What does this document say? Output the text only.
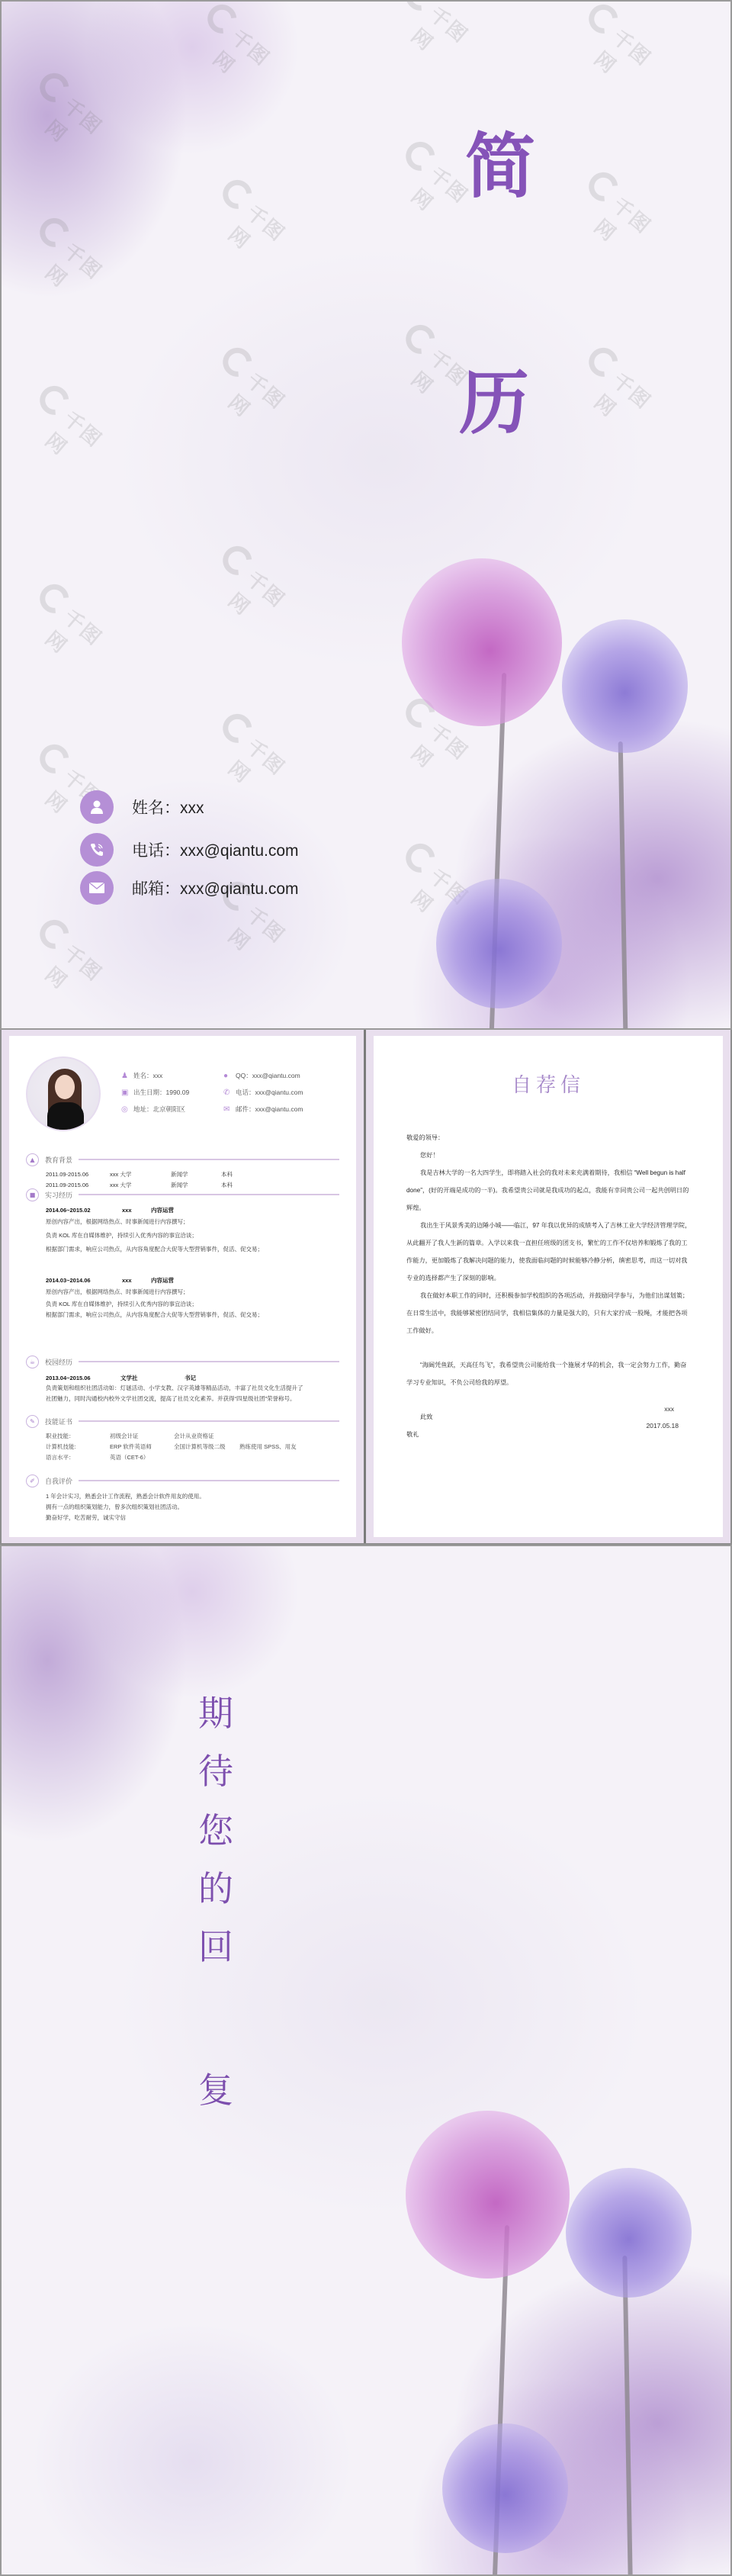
千图网
千图网	千图网
千图网
千图网
千图网	千图网
千图网
千图网
千图网	千图网
千图网
千图网
千图网
千图网
千图网
千图网
千图网
千图网
千图网
简
历
姓名：xxx
电话：xxx@qiantu.com
邮箱：xxx@qiantu.com
♟ 姓名：xxx	●	QQ：xxx@qiantu.com
▣ 出生日期：1990.09	✆ 电话：xxx@qiantu.com
◎ 地址：北京朝阳区	✉ 邮件：xxx@qiantu.com
▲	教育背景
2011.09-2015.06	xxx 大学	新闻学	本科
2011.09-2015.06	xxx 大学	新闻学	本科
■	实习经历
2014.06~2015.02	xxx	内容运营
原创内容产出，根据网络热点、时事新闻进行内容撰写；
负责 KOL 库在自媒体维护，持续引入优秀内容的事宜洽谈；
根据部门需求，响应公司热点，从内容角度配合大促等大型营销事件，促活、促交易；
2014.03~2014.06	xxx	内容运营
原创内容产出，根据网络热点、时事新闻进行内容撰写；
负责 KOL 库在自媒体维护，持续引入优秀内容的事宜洽谈；
根据部门需求，响应公司热点，从内容角度配合大促等大型营销事件，促活、促交易；
☕	校园经历
2013.04~2015.06	文学社	书记
负责策划和组织社团活动如：灯谜活动、小学支教、汉字英雄等精品活动，丰富了社员文化生活提升了
社团魅力，同时沟通校内校外文学社团交流，提高了社员文化素养。并获得“四星级社团”荣誉称号。
✎	技能证书
职业技能：	初级会计证	会计从业资格证
计算机技能:	ERP 软件英语师	全国计算机等级二级	熟练使用 SPSS、用友
语言水平：	英语（CET-6）
✐	自我评价
1 年会计实习，熟悉会计工作流程，熟悉会计软件用友的使用。
拥有一点的组织策划能力，曾多次组织策划社团活动。
勤奋好学，吃苦耐劳，诚实守信
自荐信

敬爱的领导：

您好！

我是吉林大学的一名大四学生，即将踏入社会的我对未来充满着期待，我相信 “Well begun is half done”，(好的开端是成功的一半)。我希望贵公司就是我成功的起点，我能有幸同贵公司一起共创明日的辉煌。

我出生于风景秀美的边陲小城——临江，97 年我以优异的成绩考入了吉林工业大学经济管理学院，从此翻开了我人生新的篇章。入学以来我一直担任班级的团支书，繁忙的工作不仅培养和锻炼了我的工作能力，更加锻炼了我解决问题的能力，使我面临问题的时候能够冷静分析，缜密思考，而这一切对我专业的选择都产生了深刻的影响。

我在做好本职工作的同时，还积极参加学校组织的各项活动，并鼓励同学参与，为他们出谋划策；在日常生活中，我能够紧密团结同学，我相信集体的力量是强大的，只有大家拧成一股绳，才能把各项工作做好。

“海阔凭鱼跃，天高任鸟飞”，我希望贵公司能给我一个施展才华的机会，我一定会努力工作，勤奋学习专业知识，不负公司给我的厚望。

此致

敬礼

xxx
2017.05.18
期
待
您
的
回
复
